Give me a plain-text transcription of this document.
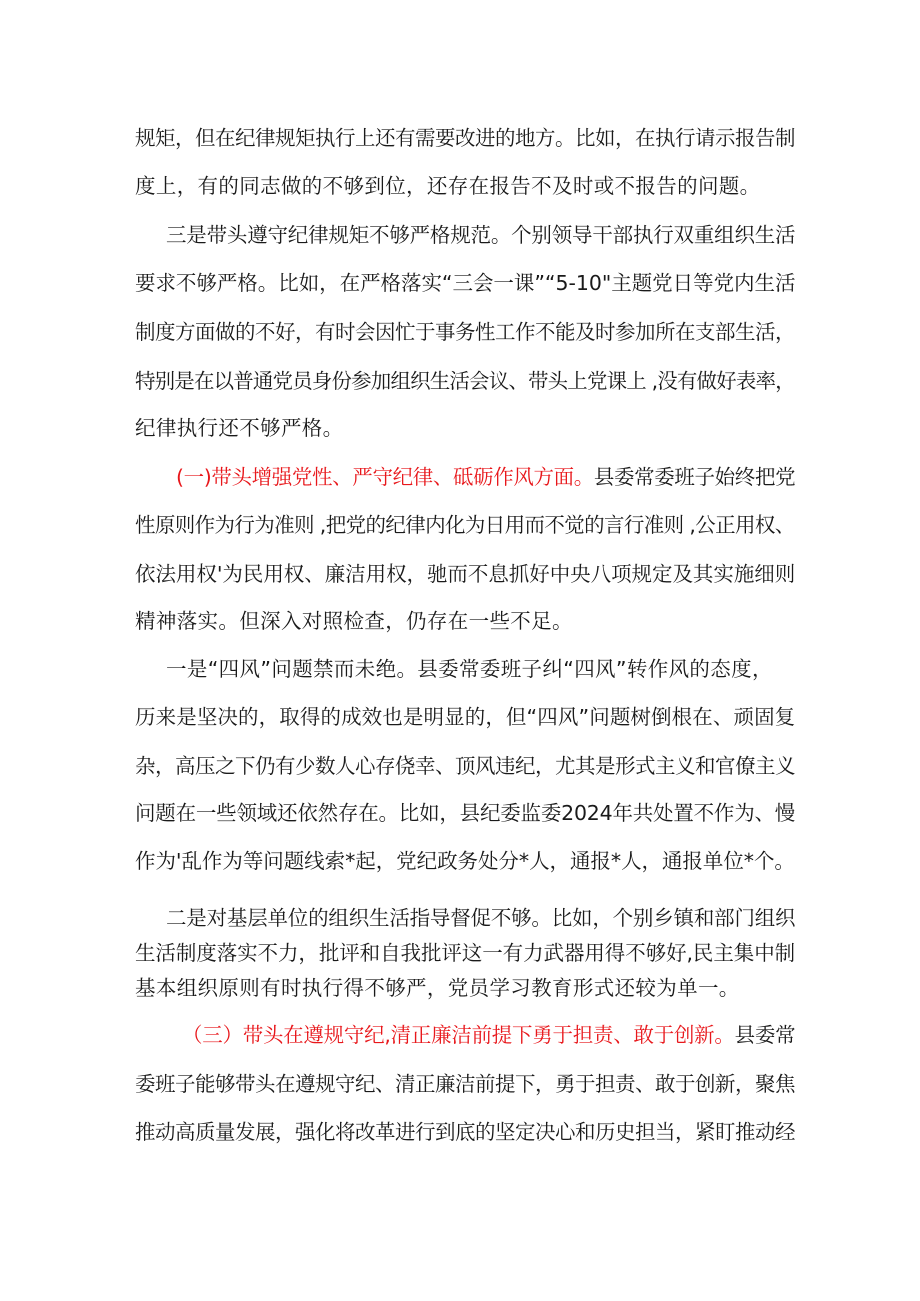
规矩，但在纪律规矩执行上还有需要改进的地方。比如，在执行请示报告制
度上，有的同志做的不够到位，还存在报告不及时或不报告的问题。
三是带头遵守纪律规矩不够严格规范。个别领导干部执行双重组织生活
要求不够严格。比如，在严格落实“三会一课”“5-10"主题党日等党内生活
制度方面做的不好，有时会因忙于事务性工作不能及时参加所在支部生活，
特别是在以普通党员身份参加组织生活会议、带头上党课上 ,没有做好表率，
纪律执行还不够严格。
(一)带头增强党性、严守纪律、砥砺作风方面。县委常委班子始终把党
性原则作为行为准则 ,把党的纪律内化为日用而不觉的言行准则 ,公正用权、
依法用权'为民用权、廉洁用权，驰而不息抓好中央八项规定及其实施细则
精神落实。但深入对照检查，仍存在一些不足。
一是“四风”问题禁而未绝。县委常委班子纠“四风”转作风的态度，
历来是坚决的，取得的成效也是明显的，但“四风”问题树倒根在、顽固复
杂，高压之下仍有少数人心存侥幸、顶风违纪，尤其是形式主义和官僚主义
问题在一些领域还依然存在。比如，县纪委监委2024年共处置不作为、慢
作为'乱作为等问题线索*起，党纪政务处分*人，通报*人，通报单位*个。
二是对基层单位的组织生活指导督促不够。比如，个别乡镇和部门组织
生活制度落实不力，批评和自我批评这一有力武器用得不够好,民主集中制
基本组织原则有时执行得不够严，党员学习教育形式还较为单一。
（三）带头在遵规守纪,清正廉洁前提下勇于担责、敢于创新。县委常
委班子能够带头在遵规守纪、清正廉洁前提下，勇于担责、敢于创新，聚焦
推动高质量发展，强化将改革进行到底的坚定决心和历史担当，紧盯推动经
